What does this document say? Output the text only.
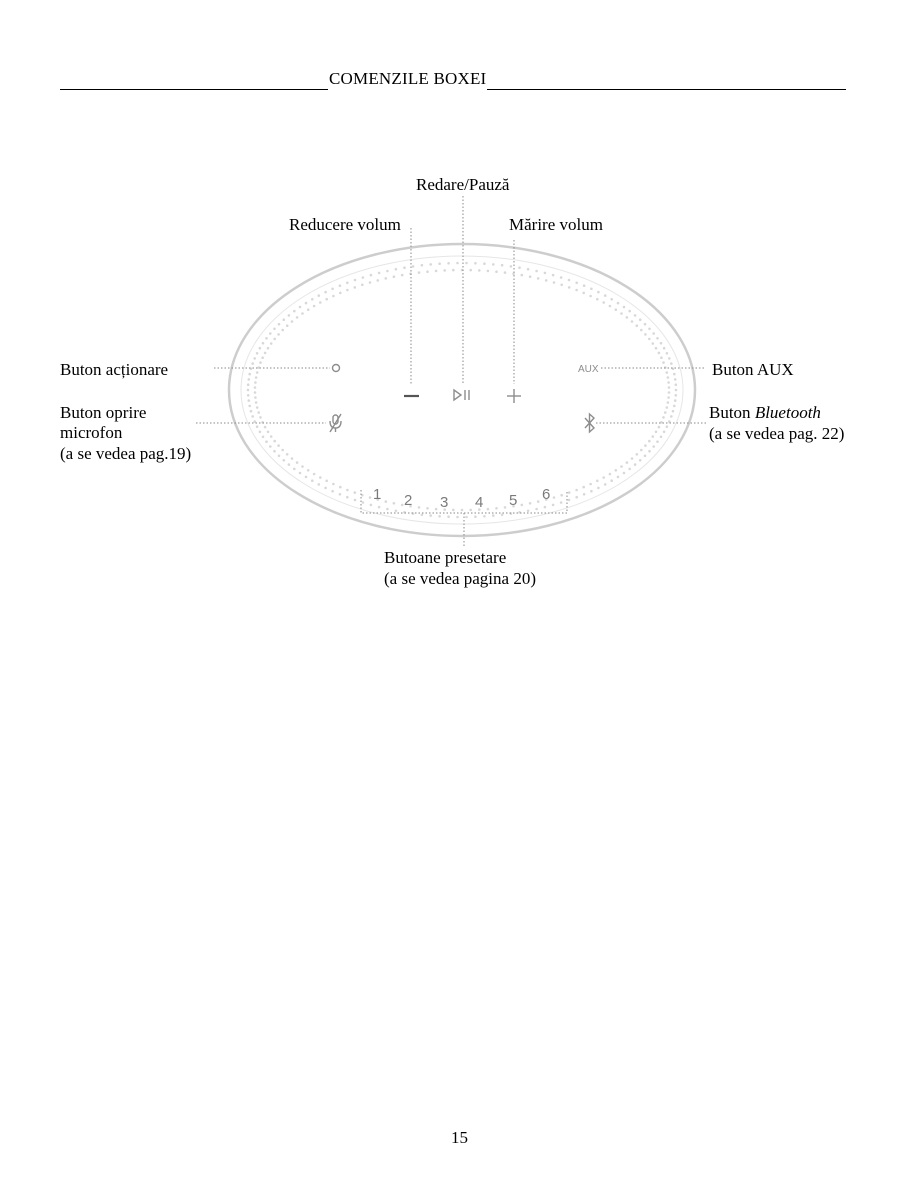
COMENZILE BOXEI
AUX
1 2 3 4 5 6
Redare/Pauză
Reducere volum	Mărire volum
Buton acționare
Buton oprire
microfon
(a se vedea pag.19)
Buton AUX
Buton Bluetooth
(a se vedea pag. 22)
Butoane presetare
(a se vedea pagina 20)
15
